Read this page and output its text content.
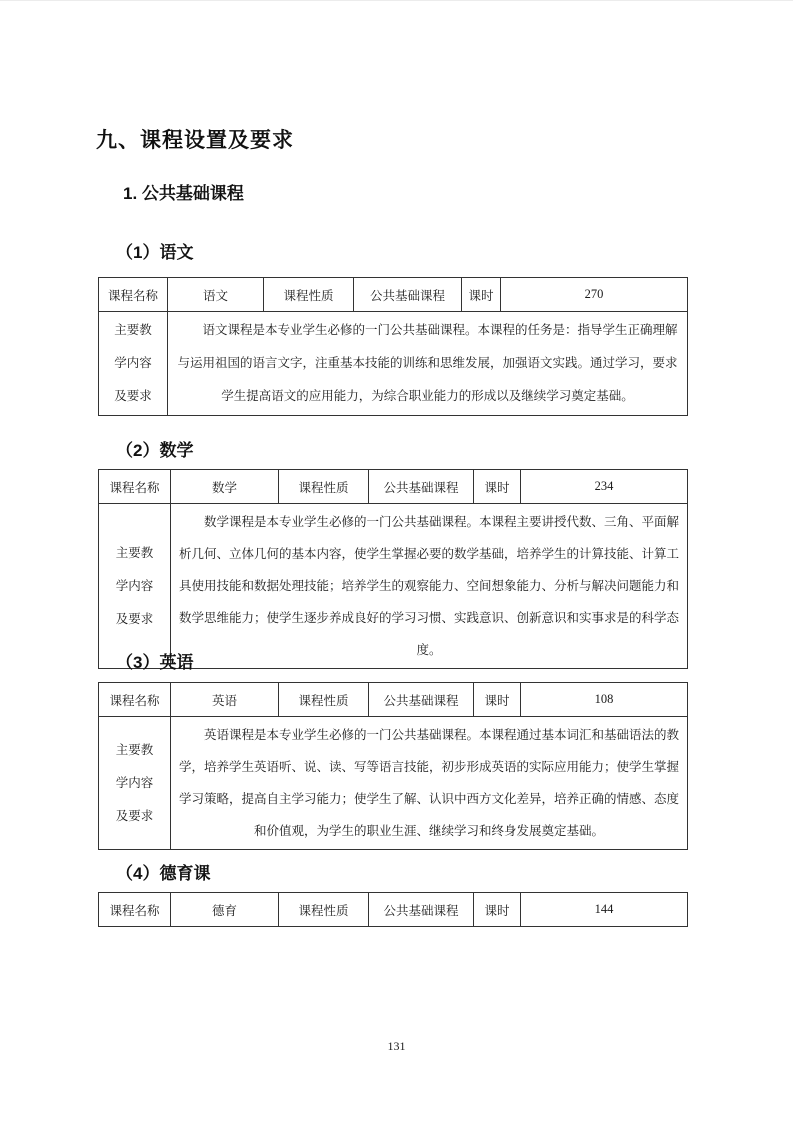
九、课程设置及要求
1. 公共基础课程
（1）语文
课程名称	语文	课程性质	公共基础课程	课时	270

主要教
学内容
及要求	语文课程是本专业学生必修的一门公共基础课程。本课程的任务是：指导学生正确理解与运用祖国的语言文字，注重基本技能的训练和思维发展，加强语文实践。通过学习，要求学生提高语文的应用能力，为综合职业能力的形成以及继续学习奠定基础。				
（2）数学
课程名称	数学	课程性质	公共基础课程	课时	234

主要教
学内容
及要求	数学课程是本专业学生必修的一门公共基础课程。本课程主要讲授代数、三角、平面解析几何、立体几何的基本内容，使学生掌握必要的数学基础，培养学生的计算技能、计算工具使用技能和数据处理技能；培养学生的观察能力、空间想象能力、分析与解决问题能力和数学思维能力；使学生逐步养成良好的学习习惯、实践意识、创新意识和实事求是的科学态度。				
（3）英语
课程名称	英语	课程性质	公共基础课程	课时	108

主要教
学内容
及要求	英语课程是本专业学生必修的一门公共基础课程。本课程通过基本词汇和基础语法的教学，培养学生英语听、说、读、写等语言技能，初步形成英语的实际应用能力；使学生掌握学习策略，提高自主学习能力；使学生了解、认识中西方文化差异，培养正确的情感、态度和价值观，为学生的职业生涯、继续学习和终身发展奠定基础。				
（4）德育课
课程名称	德育	课程性质	公共基础课程	课时	144
131
